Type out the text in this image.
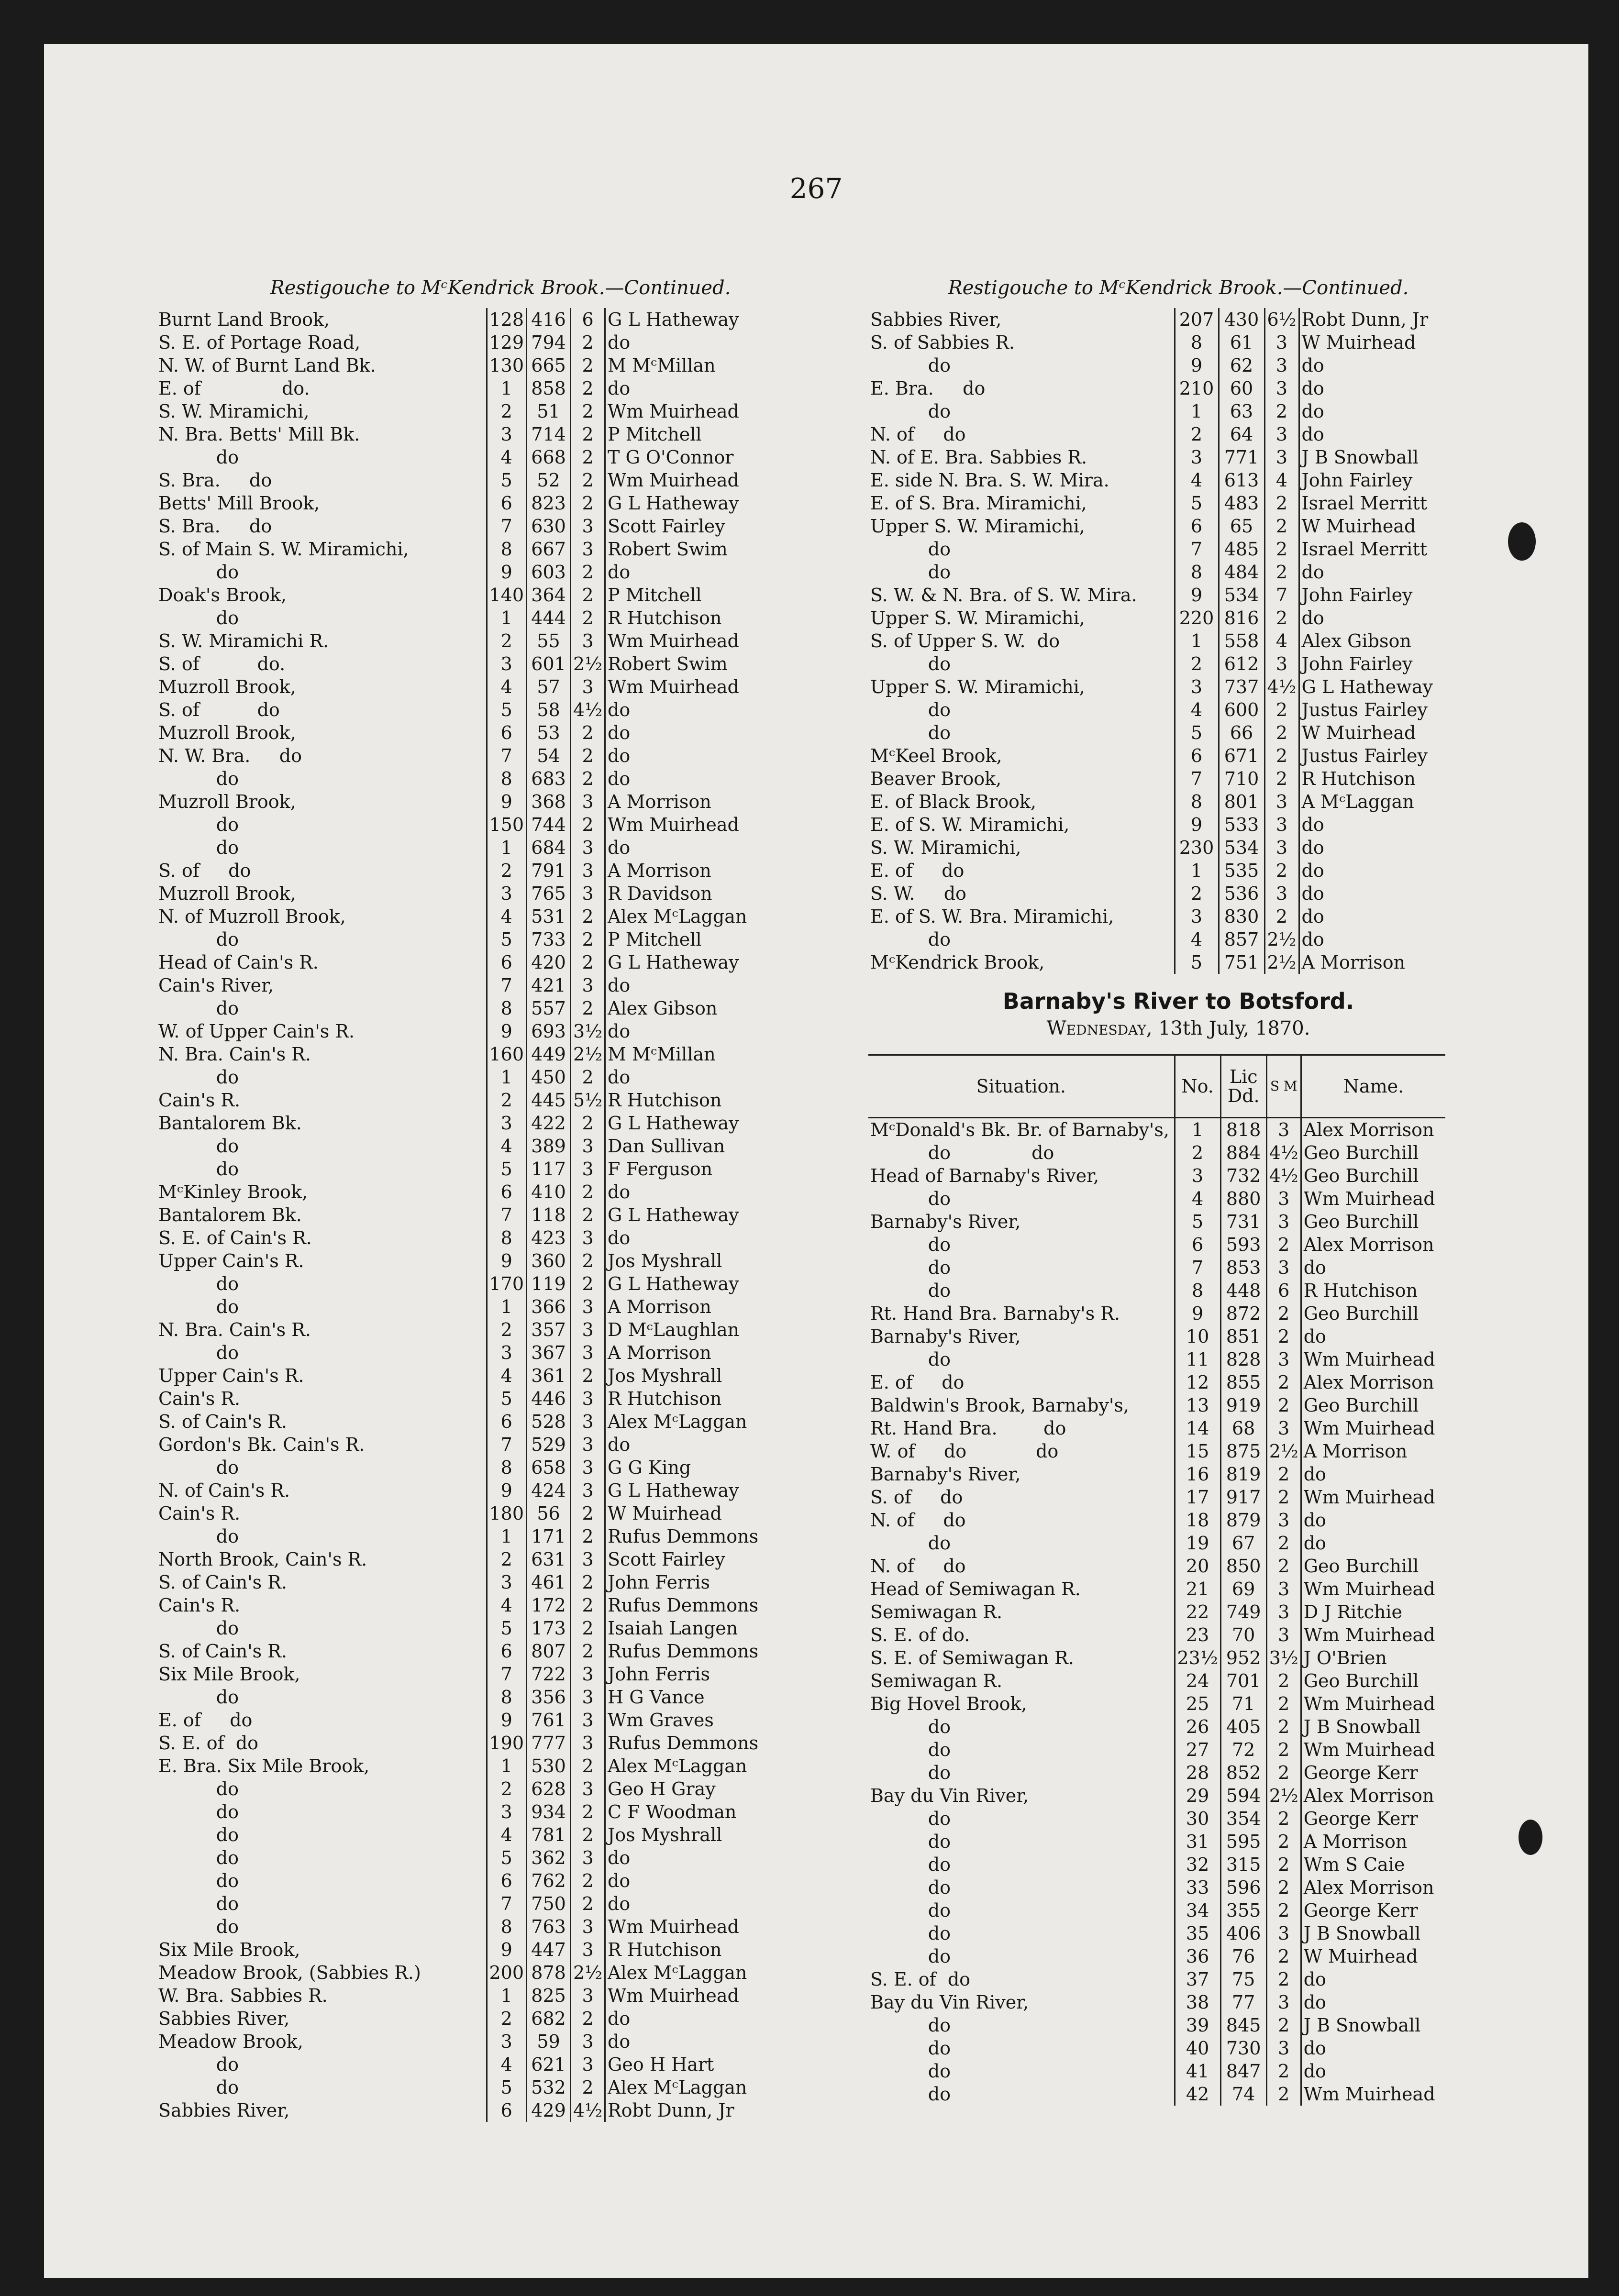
267
Restigouche to MᶜKendrick Brook.—Continued.
Burnt Land Brook,	128	416	6	G L Hatheway
S. E. of Portage Road,	129	794	2	do
N. W. of Burnt Land Bk.	130	665	2	M MᶜMillan
E. of              do.	1	858	2	do
S. W. Miramichi,	2	51	2	Wm Muirhead
N. Bra. Betts' Mill Bk.	3	714	2	P Mitchell
do	4	668	2	T G O'Connor
S. Bra.     do	5	52	2	Wm Muirhead
Betts' Mill Brook,	6	823	2	G L Hatheway
S. Bra.     do	7	630	3	Scott Fairley
S. of Main S. W. Miramichi,	8	667	3	Robert Swim
do	9	603	2	do
Doak's Brook,	140	364	2	P Mitchell
do	1	444	2	R Hutchison
S. W. Miramichi R.	2	55	3	Wm Muirhead
S. of          do.	3	601	2½	Robert Swim
Muzroll Brook,	4	57	3	Wm Muirhead
S. of          do	5	58	4½	do
Muzroll Brook,	6	53	2	do
N. W. Bra.     do	7	54	2	do
do	8	683	2	do
Muzroll Brook,	9	368	3	A Morrison
do	150	744	2	Wm Muirhead
do	1	684	3	do
S. of     do	2	791	3	A Morrison
Muzroll Brook,	3	765	3	R Davidson
N. of Muzroll Brook,	4	531	2	Alex MᶜLaggan
do	5	733	2	P Mitchell
Head of Cain's R.	6	420	2	G L Hatheway
Cain's River,	7	421	3	do
do	8	557	2	Alex Gibson
W. of Upper Cain's R.	9	693	3½	do
N. Bra. Cain's R.	160	449	2½	M MᶜMillan
do	1	450	2	do
Cain's R.	2	445	5½	R Hutchison
Bantalorem Bk.	3	422	2	G L Hatheway
do	4	389	3	Dan Sullivan
do	5	117	3	F Ferguson
MᶜKinley Brook,	6	410	2	do
Bantalorem Bk.	7	118	2	G L Hatheway
S. E. of Cain's R.	8	423	3	do
Upper Cain's R.	9	360	2	Jos Myshrall
do	170	119	2	G L Hatheway
do	1	366	3	A Morrison
N. Bra. Cain's R.	2	357	3	D MᶜLaughlan
do	3	367	3	A Morrison
Upper Cain's R.	4	361	2	Jos Myshrall
Cain's R.	5	446	3	R Hutchison
S. of Cain's R.	6	528	3	Alex MᶜLaggan
Gordon's Bk. Cain's R.	7	529	3	do
do	8	658	3	G G King
N. of Cain's R.	9	424	3	G L Hatheway
Cain's R.	180	56	2	W Muirhead
do	1	171	2	Rufus Demmons
North Brook, Cain's R.	2	631	3	Scott Fairley
S. of Cain's R.	3	461	2	John Ferris
Cain's R.	4	172	2	Rufus Demmons
do	5	173	2	Isaiah Langen
S. of Cain's R.	6	807	2	Rufus Demmons
Six Mile Brook,	7	722	3	John Ferris
do	8	356	3	H G Vance
E. of     do	9	761	3	Wm Graves
S. E. of  do	190	777	3	Rufus Demmons
E. Bra. Six Mile Brook,	1	530	2	Alex MᶜLaggan
do	2	628	3	Geo H Gray
do	3	934	2	C F Woodman
do	4	781	2	Jos Myshrall
do	5	362	3	do
do	6	762	2	do
do	7	750	2	do
do	8	763	3	Wm Muirhead
Six Mile Brook,	9	447	3	R Hutchison
Meadow Brook, (Sabbies R.)	200	878	2½	Alex MᶜLaggan
W. Bra. Sabbies R.	1	825	3	Wm Muirhead
Sabbies River,	2	682	2	do
Meadow Brook,	3	59	3	do
do	4	621	3	Geo H Hart
do	5	532	2	Alex MᶜLaggan
Sabbies River,	6	429	4½	Robt Dunn, Jr
Restigouche to MᶜKendrick Brook.—Continued.
Sabbies River,	207	430	6½	Robt Dunn, Jr
S. of Sabbies R.	8	61	3	W Muirhead
do	9	62	3	do
E. Bra.     do	210	60	3	do
do	1	63	2	do
N. of     do	2	64	3	do
N. of E. Bra. Sabbies R.	3	771	3	J B Snowball
E. side N. Bra. S. W. Mira.	4	613	4	John Fairley
E. of S. Bra. Miramichi,	5	483	2	Israel Merritt
Upper S. W. Miramichi,	6	65	2	W Muirhead
do	7	485	2	Israel Merritt
do	8	484	2	do
S. W. & N. Bra. of S. W. Mira.	9	534	7	John Fairley
Upper S. W. Miramichi,	220	816	2	do
S. of Upper S. W.  do	1	558	4	Alex Gibson
do	2	612	3	John Fairley
Upper S. W. Miramichi,	3	737	4½	G L Hatheway
do	4	600	2	Justus Fairley
do	5	66	2	W Muirhead
MᶜKeel Brook,	6	671	2	Justus Fairley
Beaver Brook,	7	710	2	R Hutchison
E. of Black Brook,	8	801	3	A MᶜLaggan
E. of S. W. Miramichi,	9	533	3	do
S. W. Miramichi,	230	534	3	do
E. of     do	1	535	2	do
S. W.     do	2	536	3	do
E. of S. W. Bra. Miramichi,	3	830	2	do
do	4	857	2½	do
MᶜKendrick Brook,	5	751	2½	A Morrison
Barnaby's River to Botsford.
Wednesday, 13th July, 1870.
Situation.	No.	Lic Dd.	S M	Name.
MᶜDonald's Bk. Br. of Barnaby's,	1	818	3	Alex Morrison
do              do	2	884	4½	Geo Burchill
Head of Barnaby's River,	3	732	4½	Geo Burchill
do	4	880	3	Wm Muirhead
Barnaby's River,	5	731	3	Geo Burchill
do	6	593	2	Alex Morrison
do	7	853	3	do
do	8	448	6	R Hutchison
Rt. Hand Bra. Barnaby's R.	9	872	2	Geo Burchill
Barnaby's River,	10	851	2	do
do	11	828	3	Wm Muirhead
E. of     do	12	855	2	Alex Morrison
Baldwin's Brook, Barnaby's,	13	919	2	Geo Burchill
Rt. Hand Bra.        do	14	68	3	Wm Muirhead
W. of     do            do	15	875	2½	A Morrison
Barnaby's River,	16	819	2	do
S. of     do	17	917	2	Wm Muirhead
N. of     do	18	879	3	do
do	19	67	2	do
N. of     do	20	850	2	Geo Burchill
Head of Semiwagan R.	21	69	3	Wm Muirhead
Semiwagan R.	22	749	3	D J Ritchie
S. E. of do.	23	70	3	Wm Muirhead
S. E. of Semiwagan R.	23½	952	3½	J O'Brien
Semiwagan R.	24	701	2	Geo Burchill
Big Hovel Brook,	25	71	2	Wm Muirhead
do	26	405	2	J B Snowball
do	27	72	2	Wm Muirhead
do	28	852	2	George Kerr
Bay du Vin River,	29	594	2½	Alex Morrison
do	30	354	2	George Kerr
do	31	595	2	A Morrison
do	32	315	2	Wm S Caie
do	33	596	2	Alex Morrison
do	34	355	2	George Kerr
do	35	406	3	J B Snowball
do	36	76	2	W Muirhead
S. E. of  do	37	75	2	do
Bay du Vin River,	38	77	3	do
do	39	845	2	J B Snowball
do	40	730	3	do
do	41	847	2	do
do	42	74	2	Wm Muirhead
